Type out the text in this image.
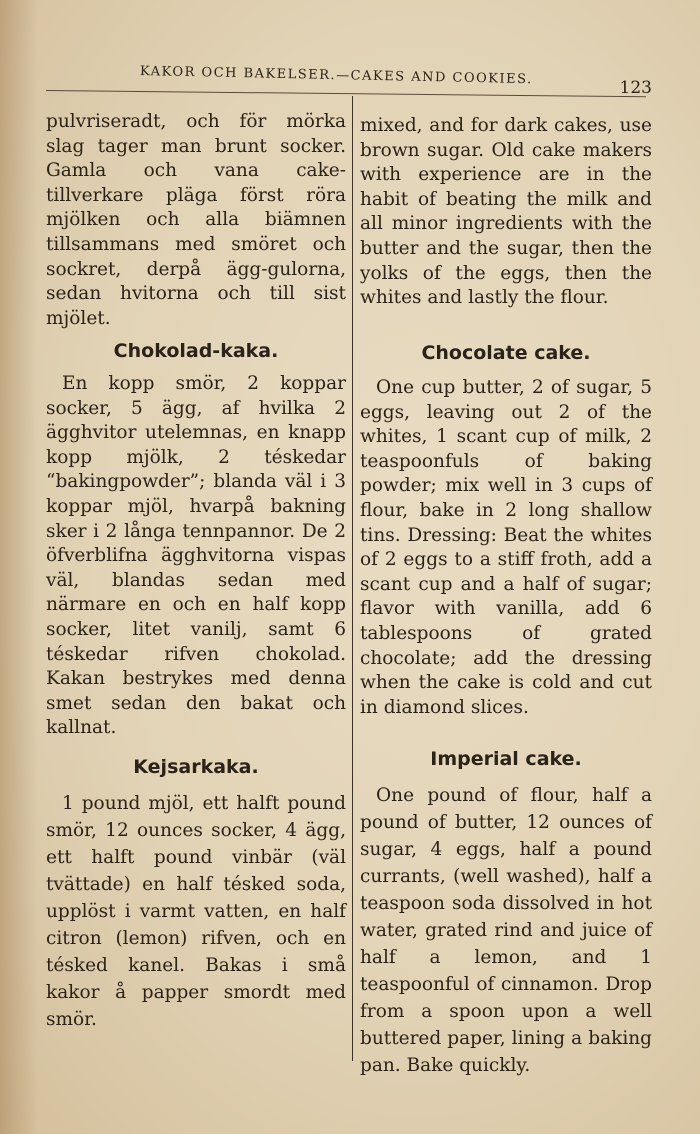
KAKOR OCH BAKELSER.—CAKES AND COOKIES.
123

pulvriseradt, och för mörka slag tager man brunt socker. Gamla och vana cake-tillverkare pläga först röra mjölken och alla biämnen tillsammans med smöret och sockret, derpå ägg-gulorna, sedan hvitorna och till sist mjölet.

Chokolad-kaka.

En kopp smör, 2 koppar socker, 5 ägg, af hvilka 2 ägghvitor utelemnas, en knapp kopp mjölk, 2 téskedar “bakingpowder”; blanda väl i 3 koppar mjöl, hvarpå bakning sker i 2 långa tennpannor. De 2 öfverblifna ägghvitorna vispas väl, blandas sedan med närmare en och en half kopp socker, litet vanilj, samt 6 téskedar rifven chokolad. Kakan bestrykes med denna smet sedan den bakat och kallnat.

Kejsarkaka.

1 pound mjöl, ett halft pound smör, 12 ounces socker, 4 ägg, ett halft pound vinbär (väl tvättade) en half tésked soda, upplöst i varmt vatten, en half citron (lemon) rifven, och en tésked kanel. Bakas i små kakor å papper smordt med smör.

mixed, and for dark cakes, use brown sugar. Old cake makers with experience are in the habit of beating the milk and all minor ingredients with the butter and the sugar, then the yolks of the eggs, then the whites and lastly the flour.

Chocolate cake.

One cup butter, 2 of sugar, 5 eggs, leaving out 2 of the whites, 1 scant cup of milk, 2 teaspoonfuls of baking powder; mix well in 3 cups of flour, bake in 2 long shallow tins. Dressing: Beat the whites of 2 eggs to a stiff froth, add a scant cup and a half of sugar; flavor with vanilla, add 6 tablespoons of grated chocolate; add the dressing when the cake is cold and cut in diamond slices.

Imperial cake.

One pound of flour, half a pound of butter, 12 ounces of sugar, 4 eggs, half a pound currants, (well washed), half a teaspoon soda dissolved in hot water, grated rind and juice of half a lemon, and 1 teaspoonful of cinnamon. Drop from a spoon upon a well buttered paper, lining a baking pan. Bake quickly.
